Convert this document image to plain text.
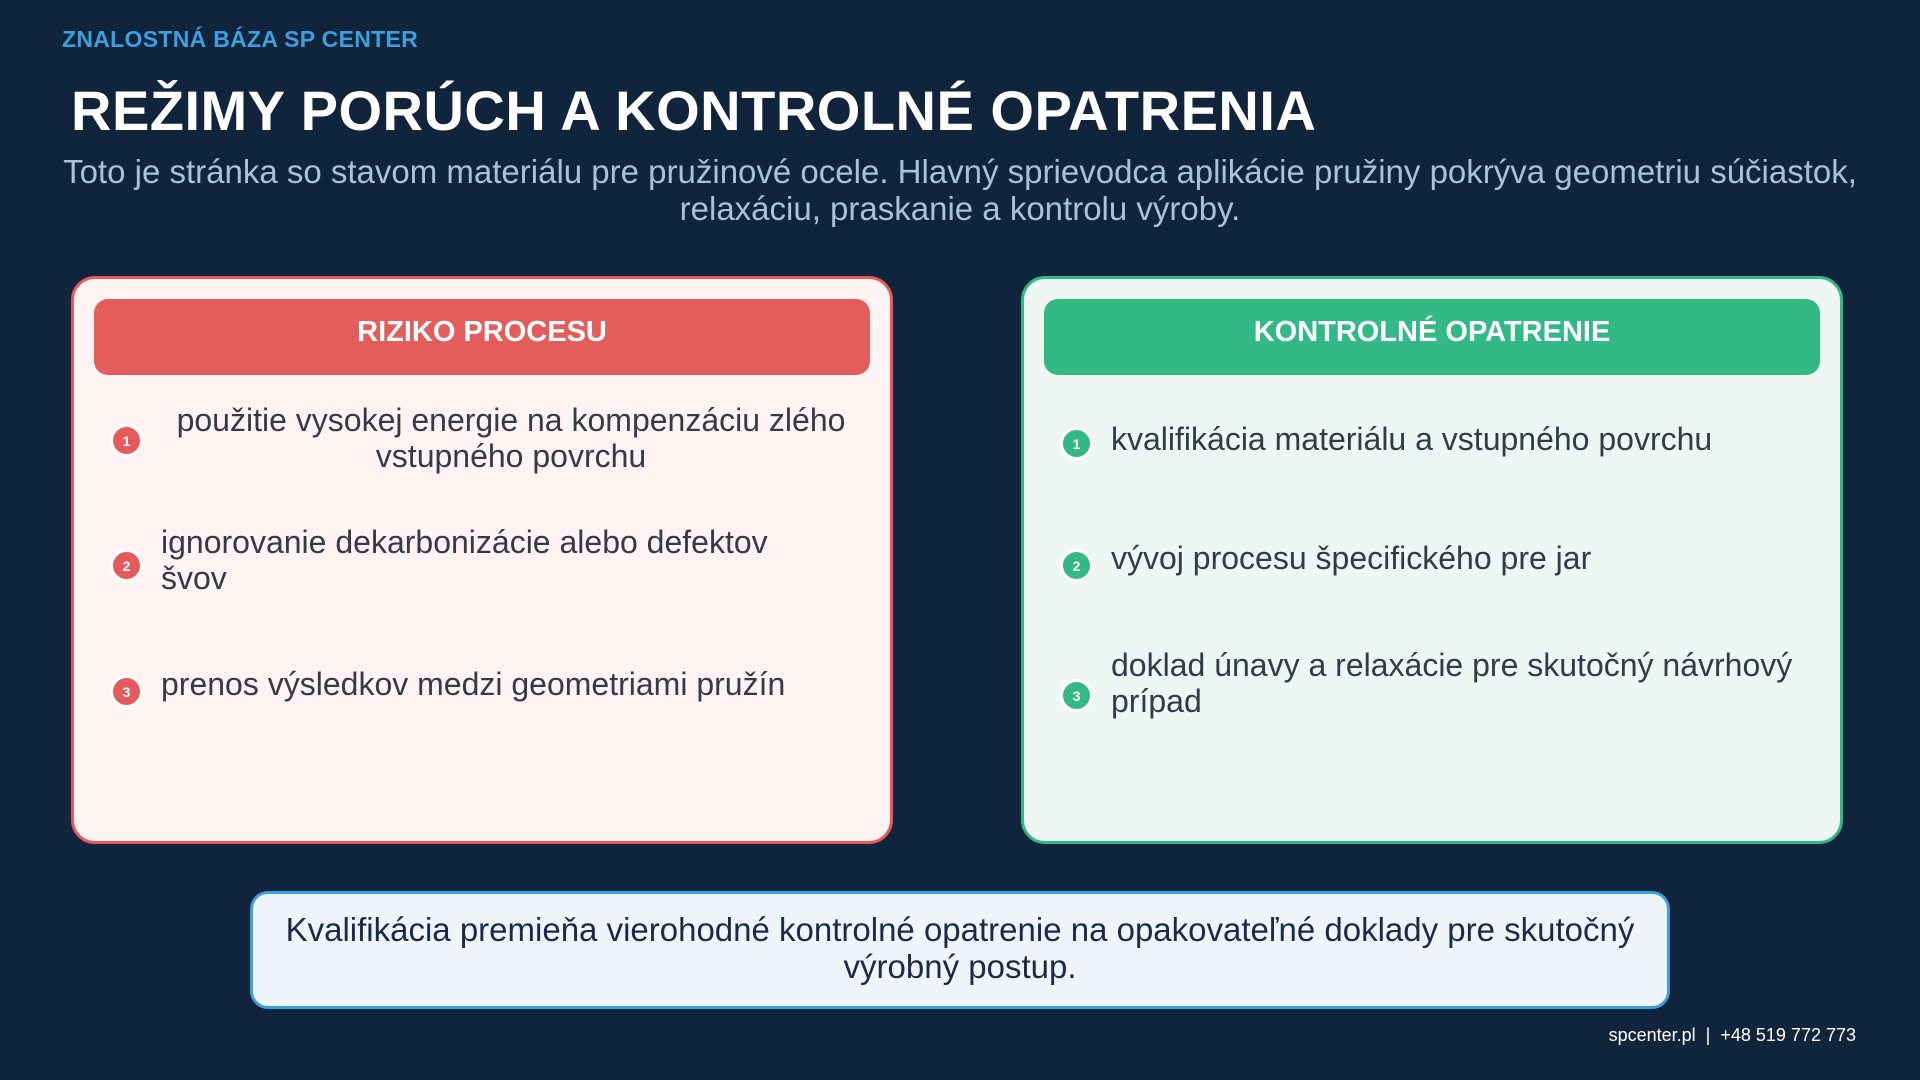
ZNALOSTNÁ BÁZA SP CENTER
REŽIMY PORÚCH A KONTROLNÉ OPATRENIA
Toto je stránka so stavom materiálu pre pružinové ocele. Hlavný sprievodca aplikácie pružiny pokrýva geometriu súčiastok, relaxáciu, praskanie a kontrolu výroby.
RIZIKO PROCESU
1
použitie vysokej energie na kompenzáciu zlého vstupného povrchu
2
ignorovanie dekarbonizácie alebo defektov švov
3 prenos výsledkov medzi geometriami pružín
KONTROLNÉ OPATRENIE
1 kvalifikácia materiálu a vstupného povrchu
2 vývoj procesu špecifického pre jar
3
doklad únavy a relaxácie pre skutočný návrhový prípad
Kvalifikácia premieňa vierohodné kontrolné opatrenie na opakovateľné doklady pre skutočný výrobný postup.
spcenter.pl | +48 519 772 773
